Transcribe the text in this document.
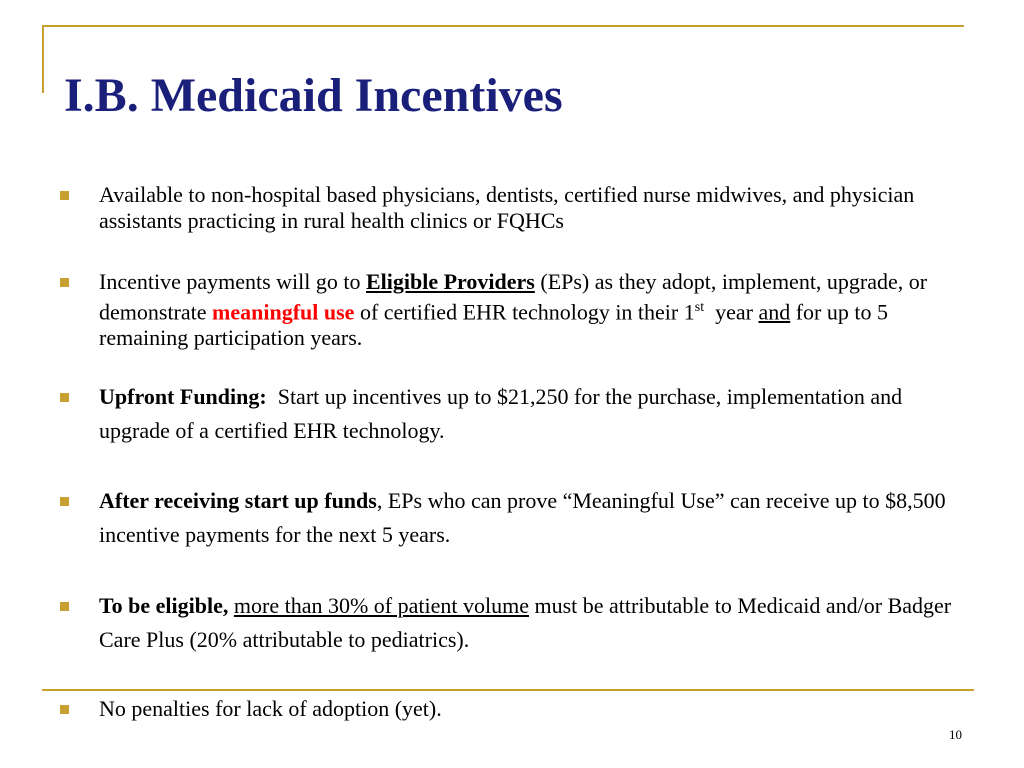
I.B. Medicaid Incentives
Available to non-hospital based physicians, dentists, certified nurse midwives, and physician assistants practicing in rural health clinics or FQHCs
Incentive payments will go to Eligible Providers (EPs) as they adopt, implement, upgrade, or demonstrate meaningful use of certified EHR technology in their 1st  year and for up to 5 remaining participation years.
Upfront Funding:  Start up incentives up to $21,250 for the purchase, implementation and upgrade of a certified EHR technology.
After receiving start up funds, EPs who can prove “Meaningful Use” can receive up to $8,500 incentive payments for the next 5 years.
To be eligible, more than 30% of patient volume must be attributable to Medicaid and/or Badger Care Plus (20% attributable to pediatrics).
No penalties for lack of adoption (yet).
10
